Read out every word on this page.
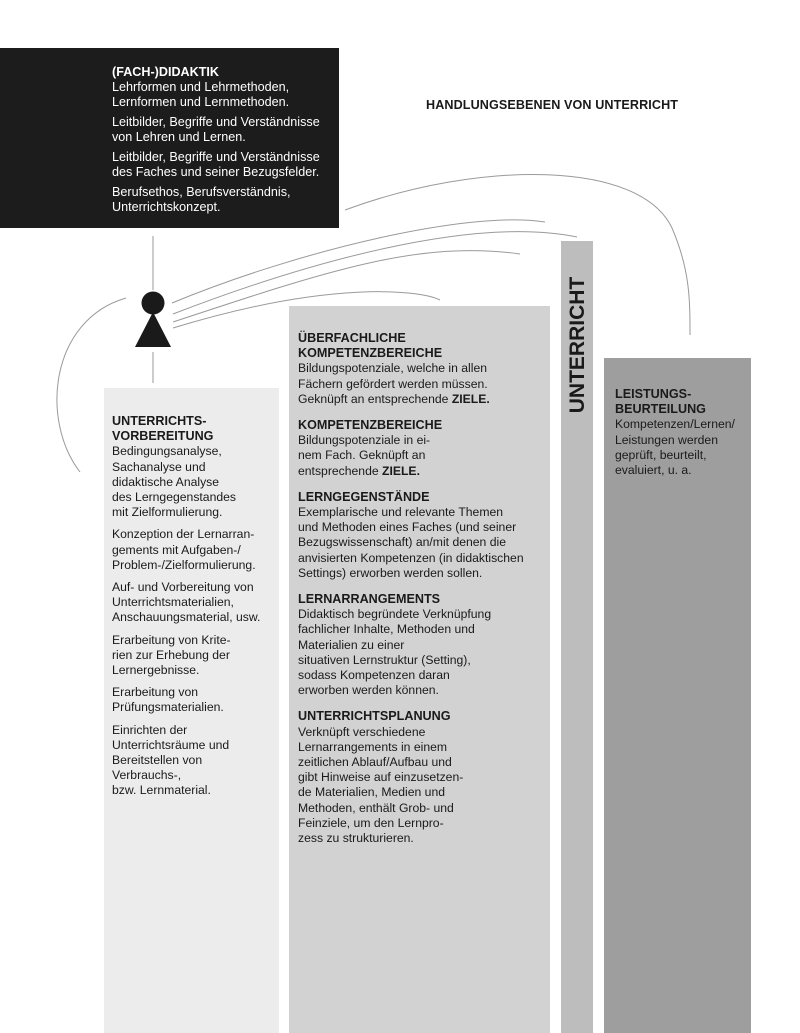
(FACH-)DIDAKTIK
Lehrformen und Lehrmethoden, Lernformen und Lernmethoden.
Leitbilder, Begriffe und Verständnisse von Lehren und Lernen.
Leitbilder, Begriffe und Verständnisse des Faches und seiner Bezugsfelder.
Berufsethos, Berufsverständnis, Unterrichtskonzept.
HANDLUNGSEBENEN VON UNTERRICHT
UNTERRICHTS-
VORBEREITUNG
Bedingungsanalyse,
Sachanalyse und
didaktische Analyse
des Lerngegenstandes
mit Zielformulierung.
Konzeption der Lernarran-
gements mit Aufgaben-/
Problem-/Zielformulierung.
Auf- und Vorbereitung von
Unterrichtsmaterialien,
Anschauungsmaterial, usw.
Erarbeitung von Krite-
rien zur Erhebung der
Lernergebnisse.
Erarbeitung von
Prüfungsmaterialien.
Einrichten der
Unterrichtsräume und
Bereitstellen von
Verbrauchs-,
bzw. Lernmaterial.
ÜBERFACHLICHE
KOMPETENZBEREICHE
Bildungspotenziale, welche in allen
Fächern gefördert werden müssen.
Geknüpft an entsprechende ZIELE.
KOMPETENZBEREICHE
Bildungspotenziale in ei-
nem Fach. Geknüpft an
entsprechende ZIELE.
LERNGEGENSTÄNDE
Exemplarische und relevante Themen
und Methoden eines Faches (und seiner
Bezugswissenschaft) an/mit denen die
anvisierten Kompetenzen (in didaktischen
Settings) erworben werden sollen.
LERNARRANGEMENTS
Didaktisch begründete Verknüpfung
fachlicher Inhalte, Methoden und
Materialien zu einer
situativen Lernstruktur (Setting),
sodass Kompetenzen daran
erworben werden können.
UNTERRICHTSPLANUNG
Verknüpft verschiedene
Lernarrangements in einem
zeitlichen Ablauf/Aufbau und
gibt Hinweise auf einzusetzen-
de Materialien, Medien und
Methoden, enthält Grob- und
Feinziele, um den Lernpro-
zess zu strukturieren.
UNTERRICHT	LEISTUNGS-
BEURTEILUNG
Kompetenzen/Lernen/
Leistungen werden
geprüft, beurteilt,
evaluiert, u. a.
